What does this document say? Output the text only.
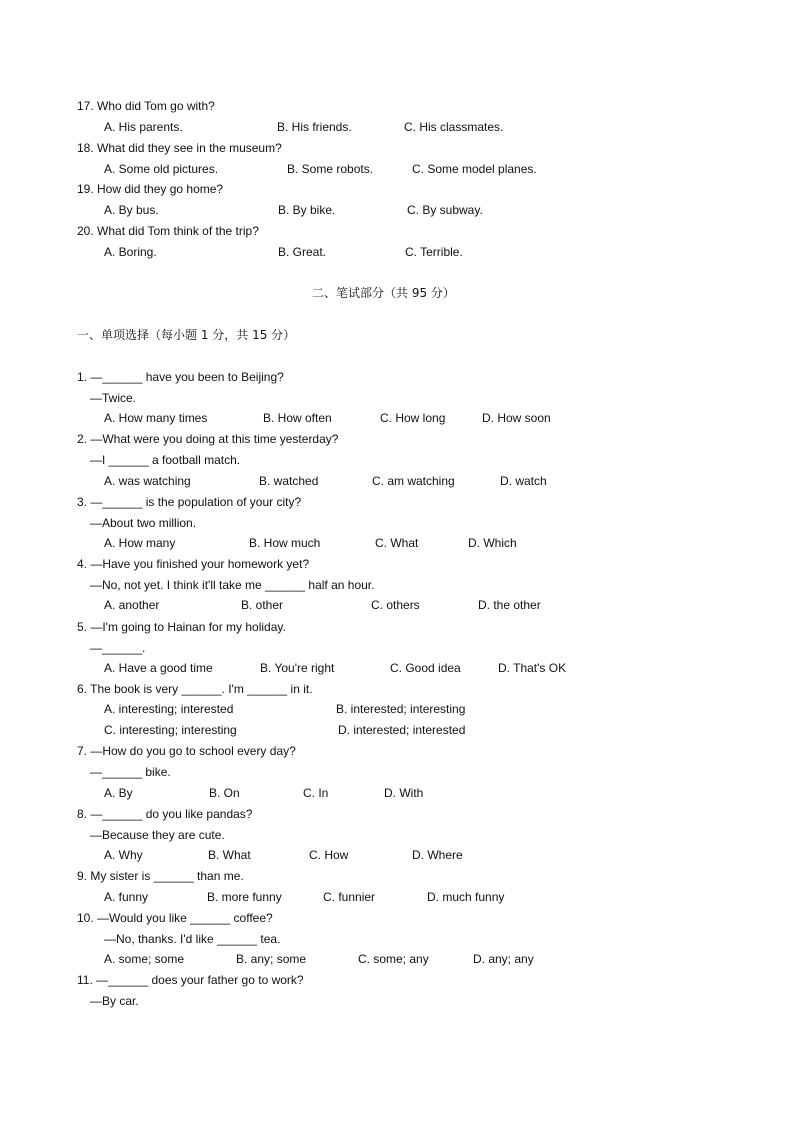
17. Who did Tom go with?
A. His parents.	B. His friends.	C. His classmates.
18. What did they see in the museum?
A. Some old pictures.	B. Some robots.	C. Some model planes.
19. How did they go home?
A. By bus.	B. By bike.	C. By subway.
20. What did Tom think of the trip?
A. Boring.	B. Great.	C. Terrible.
二、笔试部分（共 95 分）
一、单项选择（每小题 1 分，共 15 分）
1. —______ have you been to Beijing?
—Twice.
A. How many times	B. How often	C. How long	D. How soon
2. —What were you doing at this time yesterday?
—I ______ a football match.
A. was watching	B. watched	C. am watching	D. watch
3. —______ is the population of your city?
—About two million.
A. How many	B. How much	C. What	D. Which
4. —Have you finished your homework yet?
—No, not yet. I think it'll take me ______ half an hour.
A. another	B. other	C. others	D. the other
5. —I'm going to Hainan for my holiday.
—______.
A. Have a good time	B. You're right	C. Good idea	D. That's OK
6. The book is very ______. I'm ______ in it.
A. interesting; interested	B. interested; interesting
C. interesting; interesting	D. interested; interested
7. —How do you go to school every day?
—______ bike.
A. By	B. On	C. In	D. With
8. —______ do you like pandas?
—Because they are cute.
A. Why	B. What	C. How	D. Where
9. My sister is ______ than me.
A. funny	B. more funny	C. funnier	D. much funny
10. —Would you like ______ coffee?
—No, thanks. I'd like ______ tea.
A. some; some	B. any; some	C. some; any	D. any; any
11. —______ does your father go to work?
—By car.
